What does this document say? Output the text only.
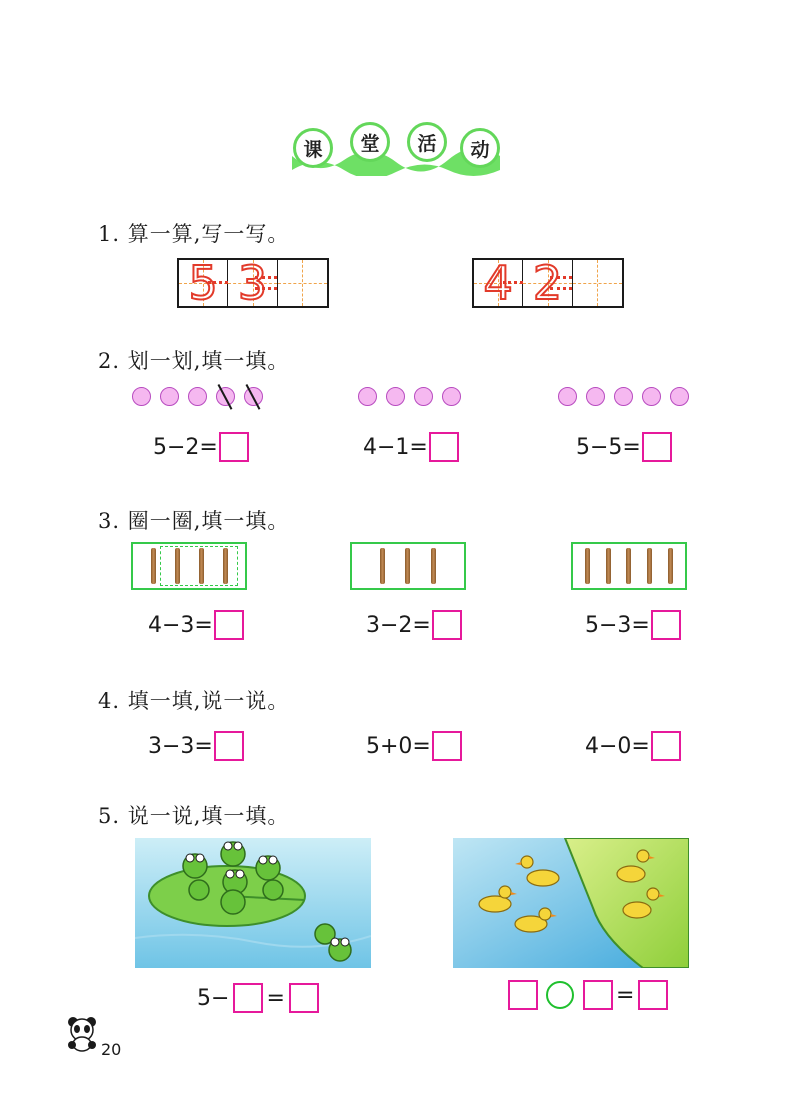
课	堂	活	动
1. 算一算,写一写。
5 3	4 2
2. 划一划,填一填。
5−2=	4−1=	5−5=
3. 圈一圈,填一填。
4−3=	3−2=	5−3=
4. 填一填,说一说。
3−3=	5+0=	4−0=
5. 说一说,填一填。
5− =	=
20
